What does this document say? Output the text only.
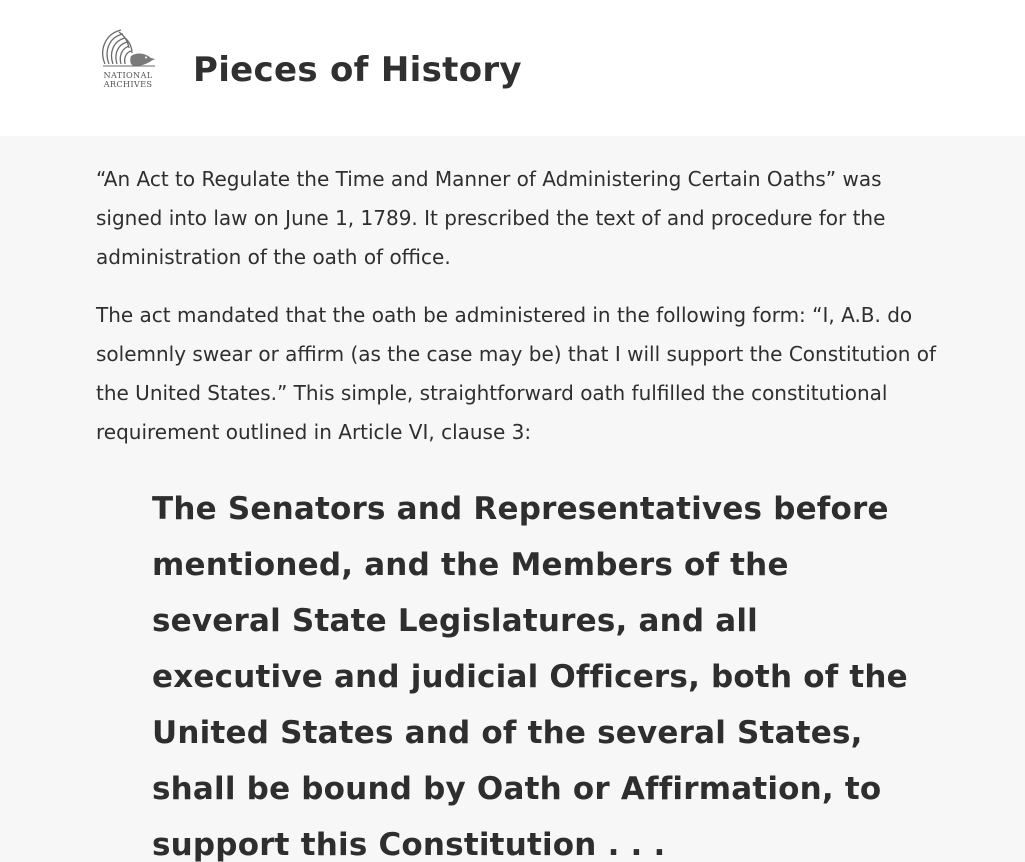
NATIONAL
ARCHIVES Pieces of History

“An Act to Regulate the Time and Manner of Administering Certain Oaths” was signed into law on June 1, 1789. It prescribed the text of and procedure for the administration of the oath of office.

The act mandated that the oath be administered in the following form: “I, A.B. do solemnly swear or affirm (as the case may be) that I will support the Constitution of the United States.” This simple, straightforward oath fulfilled the constitutional requirement outlined in Article VI, clause 3:

The Senators and Representatives before mentioned, and the Members of the several State Legislatures, and all executive and judicial Officers, both of the United States and of the several States, shall be bound by Oath or Affirmation, to support this Constitution . . .
